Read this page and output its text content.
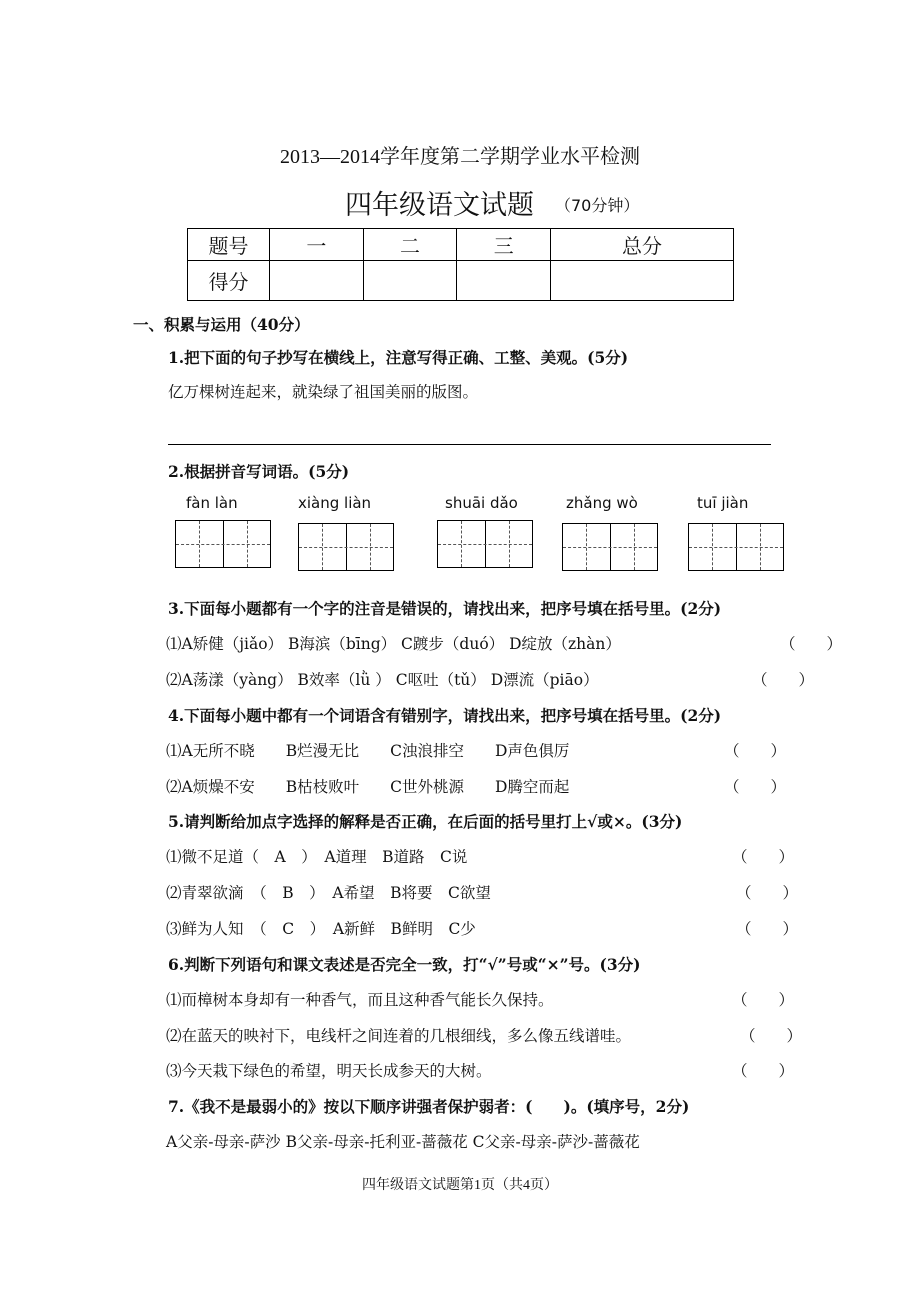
2013—2014学年度第二学期学业水平检测
四年级语文试题 （70分钟）
题号	一	二	三	总分
得分				
一、积累与运用（40分）
1.把下面的句子抄写在横线上，注意写得正确、工整、美观。(5分)
亿万棵树连起来，就染绿了祖国美丽的版图。
2.根据拼音写词语。(5分)
fàn làn	xiàng liàn	shuāi dǎo	zhǎng wò	tuī jiàn
3.下面每小题都有一个字的注音是错误的，请找出来，把序号填在括号里。(2分)
⑴A矫健（jiǎo） B海滨（bīng） C踱步（duó） D绽放（zhàn）	（　　）
⑵A荡漾（yàng） B效率（lǜ ） C呕吐（tǔ） D漂流（piāo）	（　　）
4.下面每小题中都有一个词语含有错别字，请找出来，把序号填在括号里。(2分)
⑴A无所不晓　　B烂漫无比　　C浊浪排空　　D声色俱厉	（　　）
⑵A烦燥不安　　B枯枝败叶　　C世外桃源　　D腾空而起	（　　）
5.请判断给加点字选择的解释是否正确，在后面的括号里打上√或×。(3分)
⑴微不足道（　A　）　A道理　B道路　C说	（　　）
⑵青翠欲滴　（　B　）　A希望　B将要　C欲望	（　　）
⑶鲜为人知　（　C　）　A新鲜　B鲜明　C少	（　　）
6.判断下列语句和课文表述是否完全一致，打“√”号或“×”号。(3分)
⑴而樟树本身却有一种香气，而且这种香气能长久保持。	（　　）
⑵在蓝天的映衬下，电线杆之间连着的几根细线，多么像五线谱哇。	（　　）
⑶今天栽下绿色的希望，明天长成参天的大树。	（　　）
7.《我不是最弱小的》按以下顺序讲强者保护弱者：(　　)。(填序号，2分)
A父亲-母亲-萨沙 B父亲-母亲-托利亚-蔷薇花 C父亲-母亲-萨沙-蔷薇花
四年级语文试题第1页（共4页）
